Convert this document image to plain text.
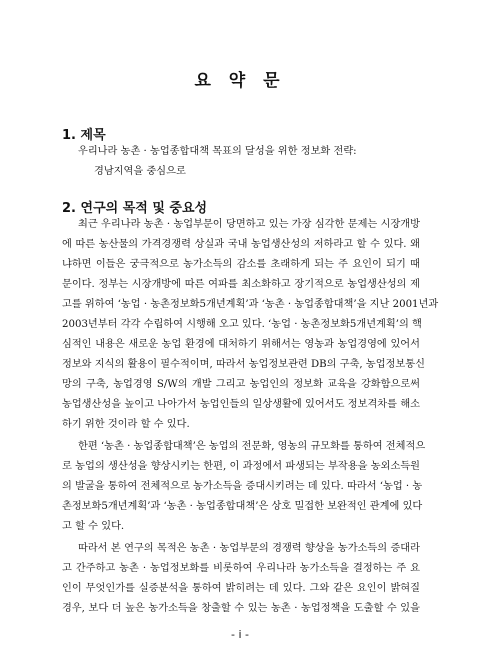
요 약 문
1. 제목
우리나라 농촌 · 농업종합대책 목표의 달성을 위한 정보화 전략:
경남지역을 중심으로
2. 연구의 목적 및 중요성
최근 우리나라 농촌 · 농업부문이 당면하고 있는 가장 심각한 문제는 시장개방
에 따른 농산물의 가격경쟁력 상실과 국내 농업생산성의 저하라고 할 수 있다. 왜
냐하면 이들은 궁극적으로 농가소득의 감소를 초래하게 되는 주 요인이 되기 때
문이다. 정부는 시장개방에 따른 여파를 최소화하고 장기적으로 농업생산성의 제
고를 위하여 ‘농업 · 농촌정보화5개년계획’과 ‘농촌 · 농업종합대책’을 지난 2001년과
2003년부터 각각 수립하여 시행해 오고 있다. ‘농업 · 농촌정보화5개년계획’의 핵
심적인 내용은 새로운 농업 환경에 대처하기 위해서는 영농과 농업경영에 있어서
정보와 지식의 활용이 필수적이며, 따라서 농업정보관련 DB의 구축, 농업정보통신
망의 구축, 농업경영 S/W의 개발 그리고 농업인의 정보화 교육을 강화함으로써
농업생산성을 높이고 나아가서 농업인들의 일상생활에 있어서도 정보격차를 해소
하기 위한 것이라 할 수 있다.
한편 ‘농촌 · 농업종합대책’은 농업의 전문화, 영농의 규모화를 통하여 전체적으
로 농업의 생산성을 향상시키는 한편, 이 과정에서 파생되는 부작용을 농외소득원
의 발굴을 통하여 전체적으로 농가소득을 증대시키려는 데 있다. 따라서 ‘농업 · 농
촌정보화5개년계획’과 ‘농촌 · 농업종합대책’은 상호 밀접한 보완적인 관계에 있다
고 할 수 있다.
따라서 본 연구의 목적은 농촌 · 농업부문의 경쟁력 향상을 농가소득의 증대라
고 간주하고 농촌 · 농업정보화를 비롯하여 우리나라 농가소득을 결정하는 주 요
인이 무엇인가를 실증분석을 통하여 밝히려는 데 있다. 그와 같은 요인이 밝혀질
경우, 보다 더 높은 농가소득을 창출할 수 있는 농촌 · 농업정책을 도출할 수 있을
- i -
